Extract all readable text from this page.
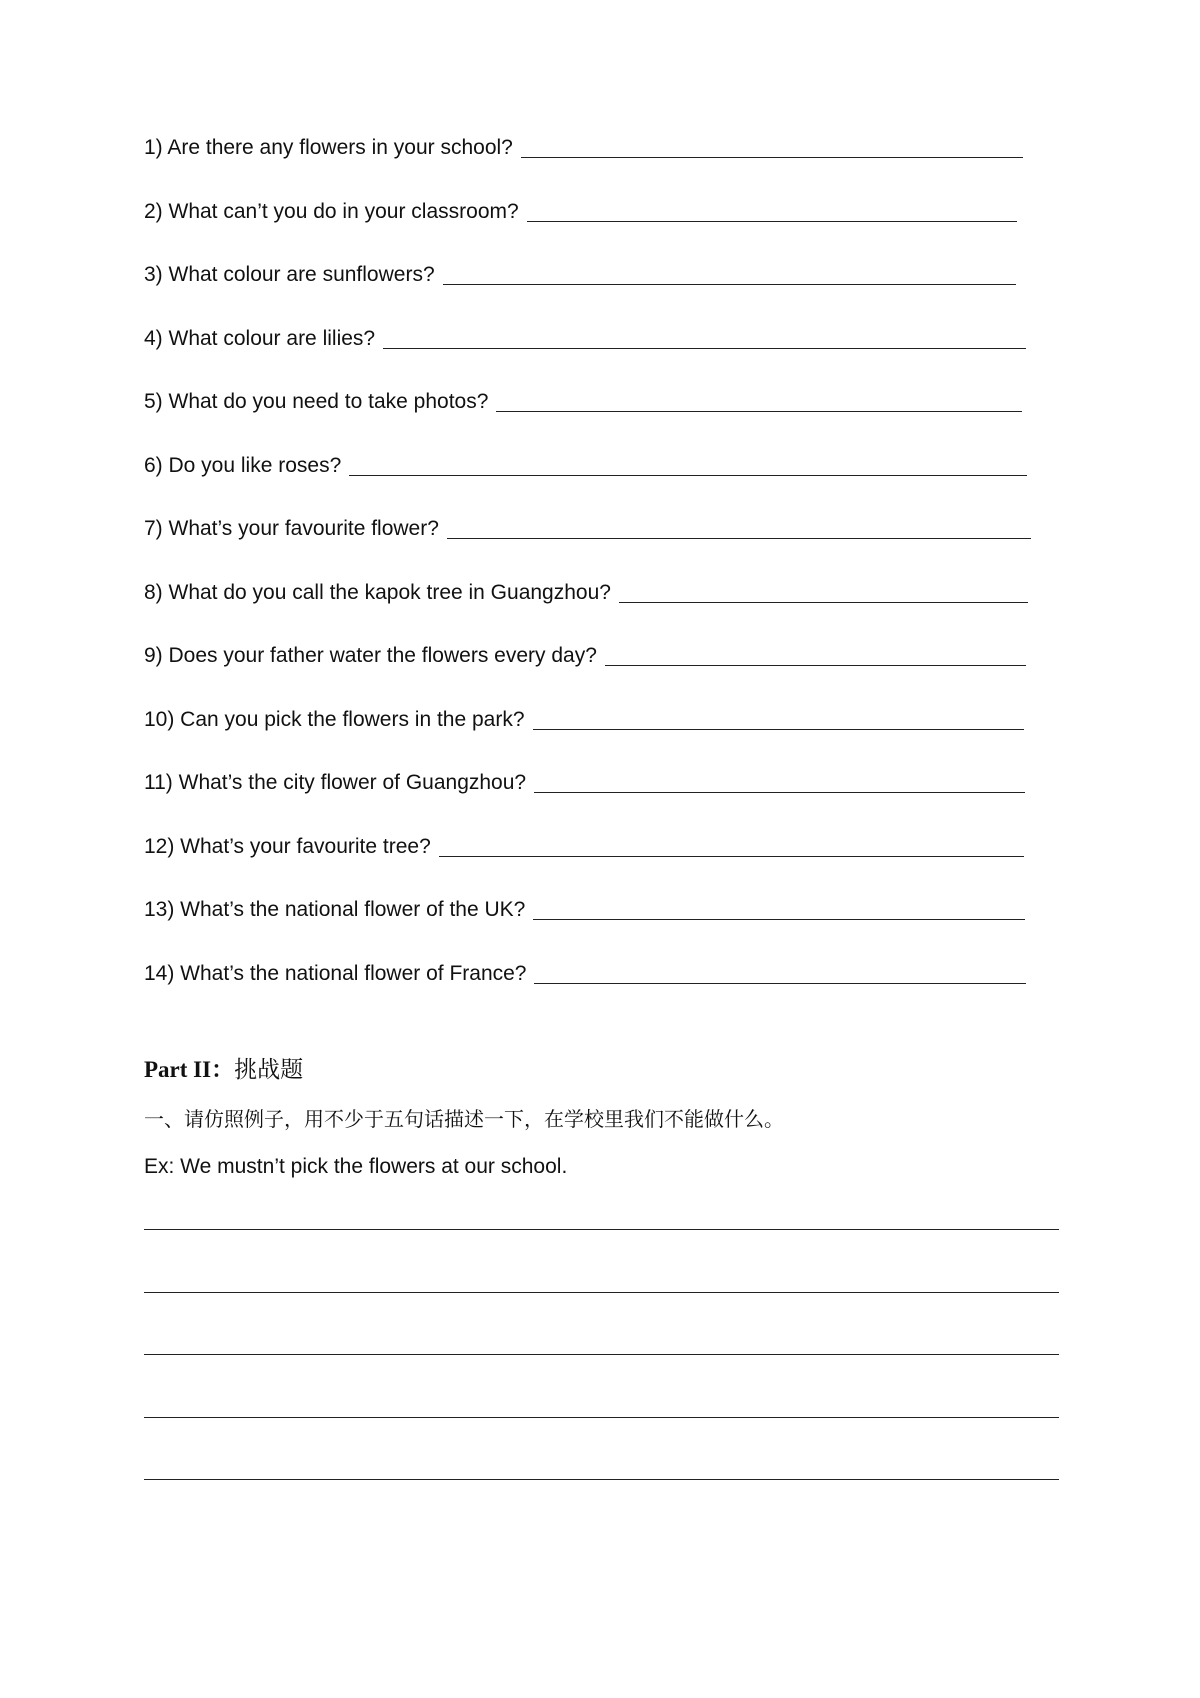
1) Are there any flowers in your school?
2) What can’t you do in your classroom?
3) What colour are sunflowers?
4) What colour are lilies?
5) What do you need to take photos?
6) Do you like roses?
7) What’s your favourite flower?
8) What do you call the kapok tree in Guangzhou?
9) Does your father water the flowers every day?
10) Can you pick the flowers in the park?
11) What’s the city flower of Guangzhou?
12) What’s your favourite tree?
13) What’s the national flower of the UK?
14) What’s the national flower of France?
Part II：挑战题
一、请仿照例子，用不少于五句话描述一下，在学校里我们不能做什么。
Ex: We mustn’t pick the flowers at our school.
